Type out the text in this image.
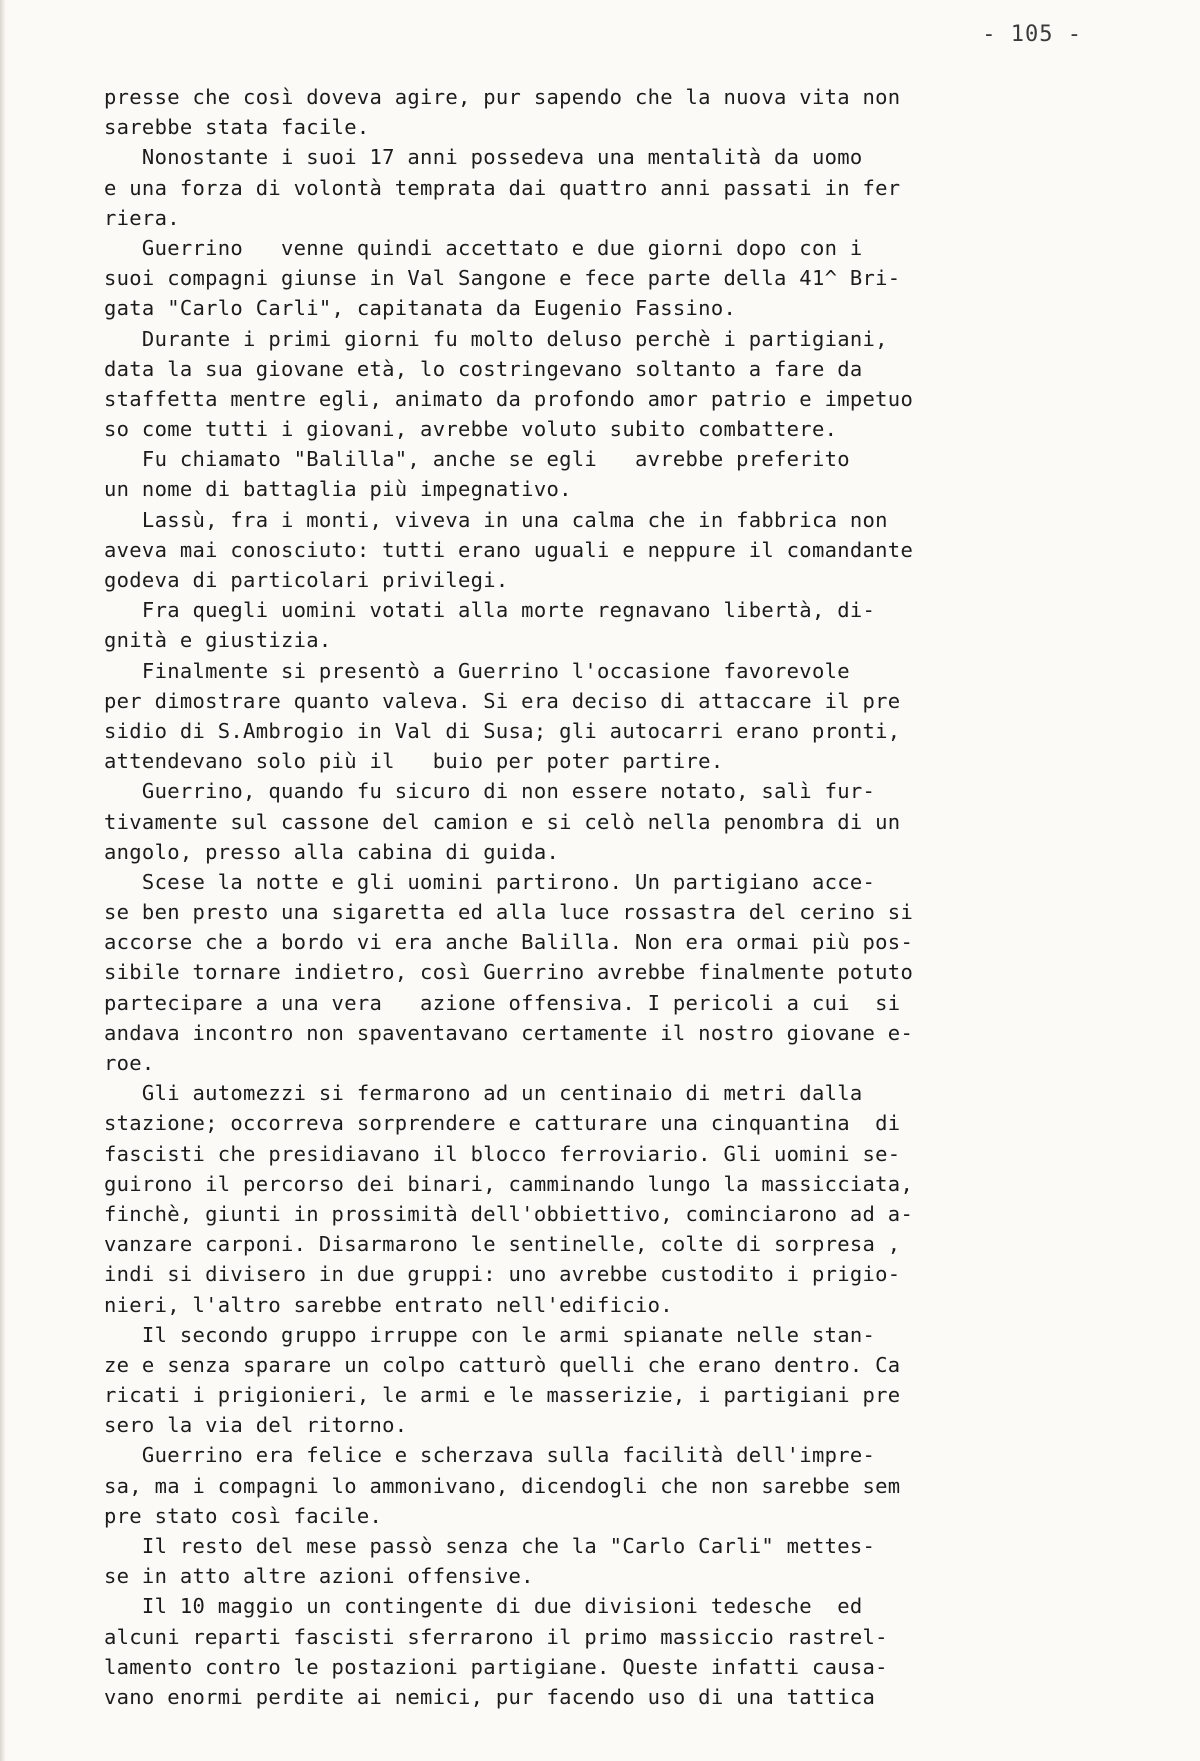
- 105 -
presse che così doveva agire, pur sapendo che la nuova vita non
sarebbe stata facile.
Nonostante i suoi 17 anni possedeva una mentalità da uomo
e una forza di volontà temprata dai quattro anni passati in fer
riera.
Guerrino   venne quindi accettato e due giorni dopo con i
suoi compagni giunse in Val Sangone e fece parte della 41^ Bri-
gata "Carlo Carli", capitanata da Eugenio Fassino.
Durante i primi giorni fu molto deluso perchè i partigiani,
data la sua giovane età, lo costringevano soltanto a fare da
staffetta mentre egli, animato da profondo amor patrio e impetuo
so come tutti i giovani, avrebbe voluto subito combattere.
Fu chiamato "Balilla", anche se egli   avrebbe preferito
un nome di battaglia più impegnativo.
Lassù, fra i monti, viveva in una calma che in fabbrica non
aveva mai conosciuto: tutti erano uguali e neppure il comandante
godeva di particolari privilegi.
Fra quegli uomini votati alla morte regnavano libertà, di-
gnità e giustizia.
Finalmente si presentò a Guerrino l'occasione favorevole
per dimostrare quanto valeva. Si era deciso di attaccare il pre
sidio di S.Ambrogio in Val di Susa; gli autocarri erano pronti,
attendevano solo più il   buio per poter partire.
Guerrino, quando fu sicuro di non essere notato, salì fur-
tivamente sul cassone del camion e si celò nella penombra di un
angolo, presso alla cabina di guida.
Scese la notte e gli uomini partirono. Un partigiano acce-
se ben presto una sigaretta ed alla luce rossastra del cerino si
accorse che a bordo vi era anche Balilla. Non era ormai più pos-
sibile tornare indietro, così Guerrino avrebbe finalmente potuto
partecipare a una vera   azione offensiva. I pericoli a cui  si
andava incontro non spaventavano certamente il nostro giovane e-
roe.
Gli automezzi si fermarono ad un centinaio di metri dalla
stazione; occorreva sorprendere e catturare una cinquantina  di
fascisti che presidiavano il blocco ferroviario. Gli uomini se-
guirono il percorso dei binari, camminando lungo la massicciata,
finchè, giunti in prossimità dell'obbiettivo, cominciarono ad a-
vanzare carponi. Disarmarono le sentinelle, colte di sorpresa ,
indi si divisero in due gruppi: uno avrebbe custodito i prigio-
nieri, l'altro sarebbe entrato nell'edificio.
Il secondo gruppo irruppe con le armi spianate nelle stan-
ze e senza sparare un colpo catturò quelli che erano dentro. Ca
ricati i prigionieri, le armi e le masserizie, i partigiani pre
sero la via del ritorno.
Guerrino era felice e scherzava sulla facilità dell'impre-
sa, ma i compagni lo ammonivano, dicendogli che non sarebbe sem
pre stato così facile.
Il resto del mese passò senza che la "Carlo Carli" mettes-
se in atto altre azioni offensive.
Il 10 maggio un contingente di due divisioni tedesche  ed
alcuni reparti fascisti sferrarono il primo massiccio rastrel-
lamento contro le postazioni partigiane. Queste infatti causa-
vano enormi perdite ai nemici, pur facendo uso di una tattica
